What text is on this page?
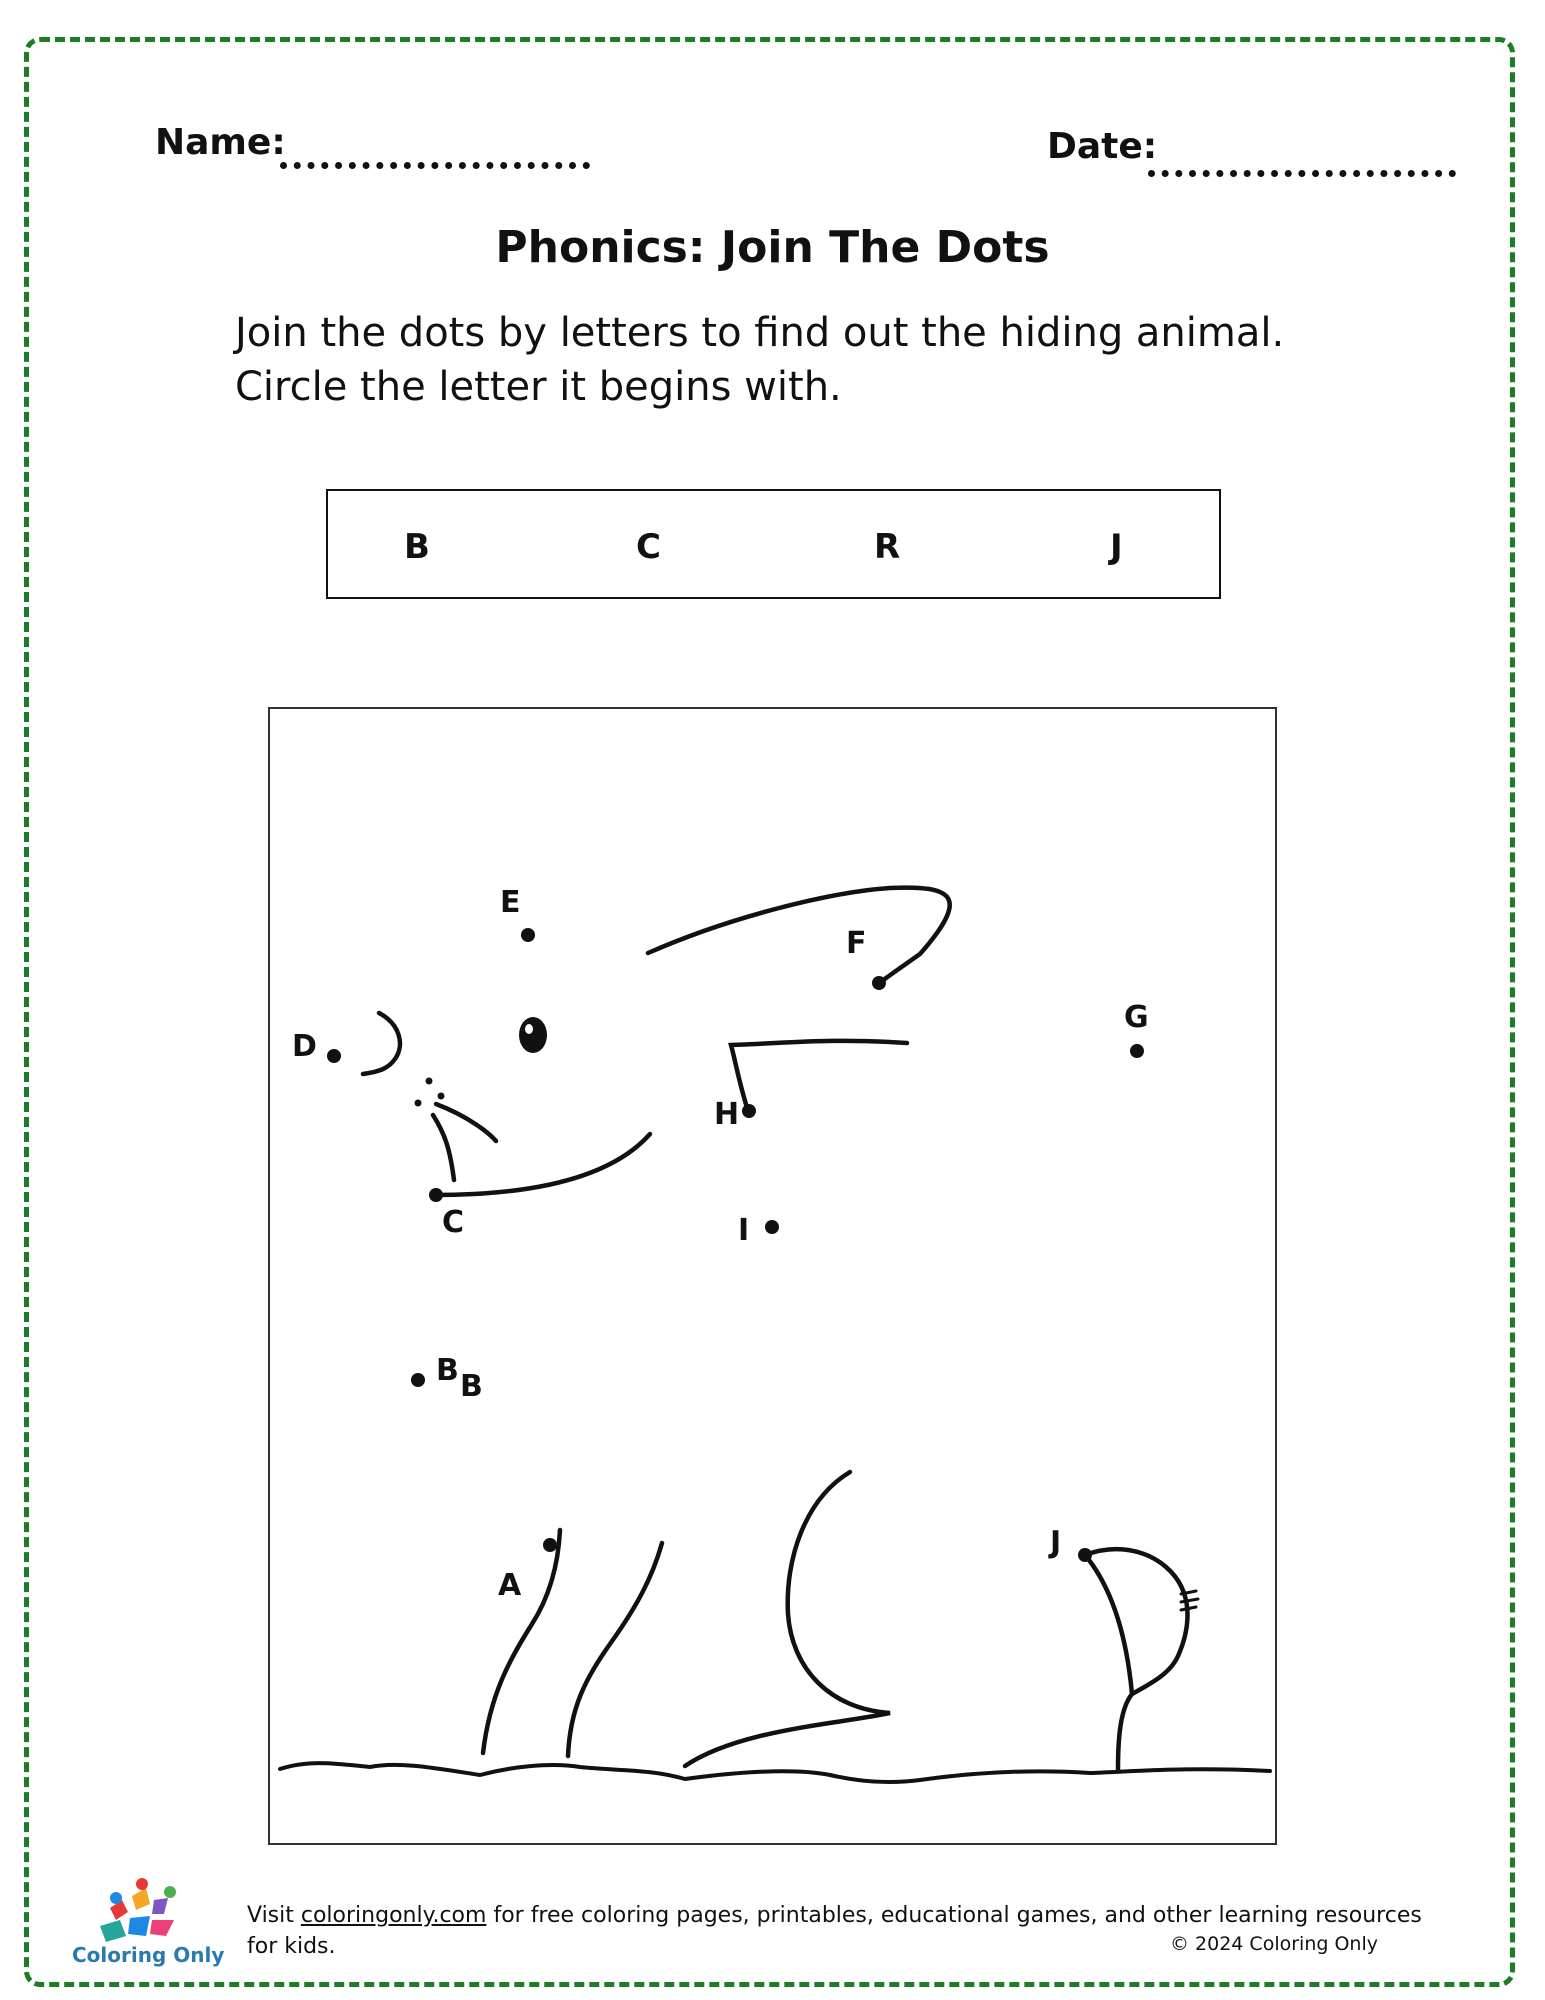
Name:	Date:
Phonics: Join The Dots
Join the dots by letters to find out the hiding animal.
Circle the letter it begins with.
B	C	R	J
A
B B
C
D
E
F
G
H
I
J
Coloring Only
Visit coloringonly.com for free coloring pages, printables, educational games, and other learning resources for kids.	© 2024 Coloring Only
